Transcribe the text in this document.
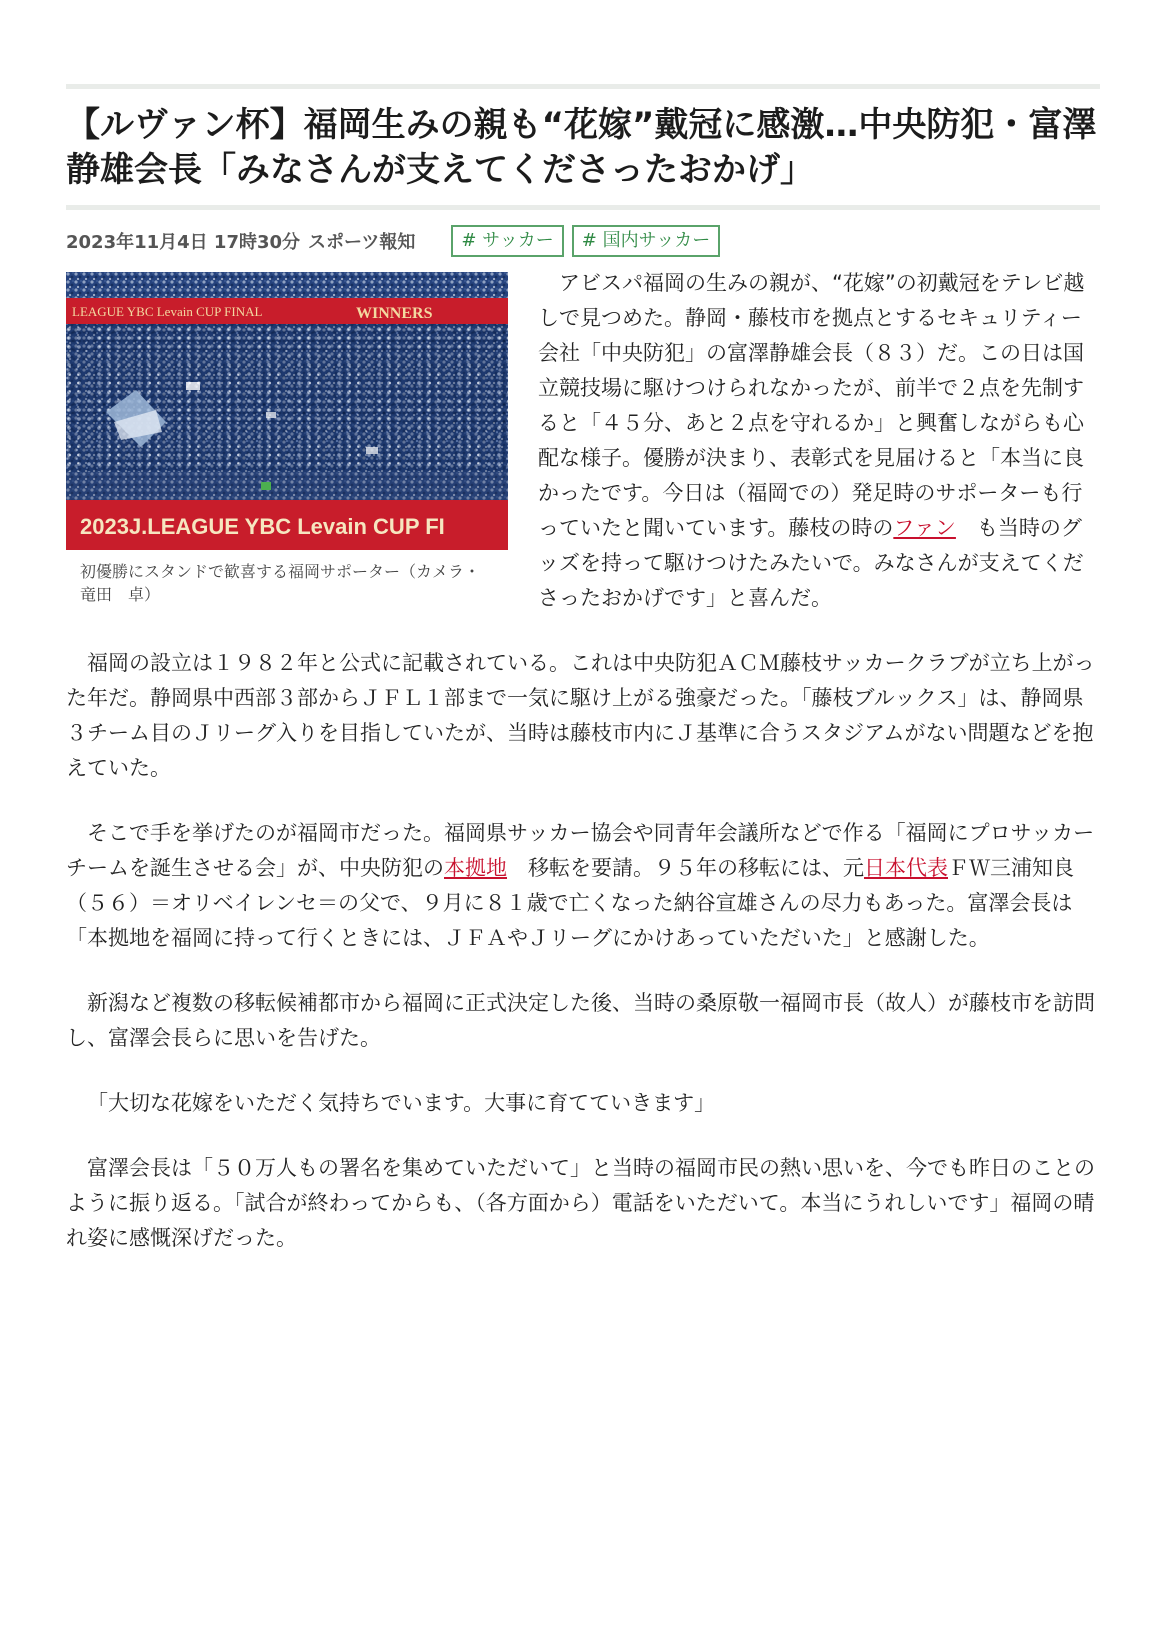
【ルヴァン杯】福岡生みの親も“花嫁”戴冠に感激…中央防犯・富澤静雄会長「みなさんが支えてくださったおかげ」
2023年11月4日 17時30分 スポーツ報知	# サッカー	# 国内サッカー
LEAGUE YBC Levain CUP FINAL	WINNERS
2023J.LEAGUE YBC Levain CUP FI

初優勝にスタンドで歓喜する福岡サポーター（カメラ・竜田　卓）

アビスパ福岡の生みの親が、“花嫁”の初戴冠をテレビ越しで見つめた。静岡・藤枝市を拠点とするセキュリティー会社「中央防犯」の富澤静雄会長（８３）だ。この日は国立競技場に駆けつけられなかったが、前半で２点を先制すると「４５分、あと２点を守れるか」と興奮しながらも心配な様子。優勝が決まり、表彰式を見届けると「本当に良かったです。今日は（福岡での）発足時のサポーターも行っていたと聞いています。藤枝の時のファン　も当時のグッズを持って駆けつけたみたいで。みなさんが支えてくださったおかげです」と喜んだ。

福岡の設立は１９８２年と公式に記載されている。これは中央防犯ＡＣＭ藤枝サッカークラブが立ち上がった年だ。静岡県中西部３部からＪＦＬ１部まで一気に駆け上がる強豪だった。「藤枝ブルックス」は、静岡県３チーム目のＪリーグ入りを目指していたが、当時は藤枝市内にＪ基準に合うスタジアムがない問題などを抱えていた。

そこで手を挙げたのが福岡市だった。福岡県サッカー協会や同青年会議所などで作る「福岡にプロサッカーチームを誕生させる会」が、中央防犯の本拠地　移転を要請。９５年の移転には、元日本代表ＦＷ三浦知良（５６）＝オリベイレンセ＝の父で、９月に８１歳で亡くなった納谷宣雄さんの尽力もあった。富澤会長は「本拠地を福岡に持って行くときには、ＪＦＡやＪリーグにかけあっていただいた」と感謝した。

新潟など複数の移転候補都市から福岡に正式決定した後、当時の桑原敬一福岡市長（故人）が藤枝市を訪問し、富澤会長らに思いを告げた。

「大切な花嫁をいただく気持ちでいます。大事に育てていきます」

富澤会長は「５０万人もの署名を集めていただいて」と当時の福岡市民の熱い思いを、今でも昨日のことのように振り返る。「試合が終わってからも、（各方面から）電話をいただいて。本当にうれしいです」福岡の晴れ姿に感慨深げだった。
